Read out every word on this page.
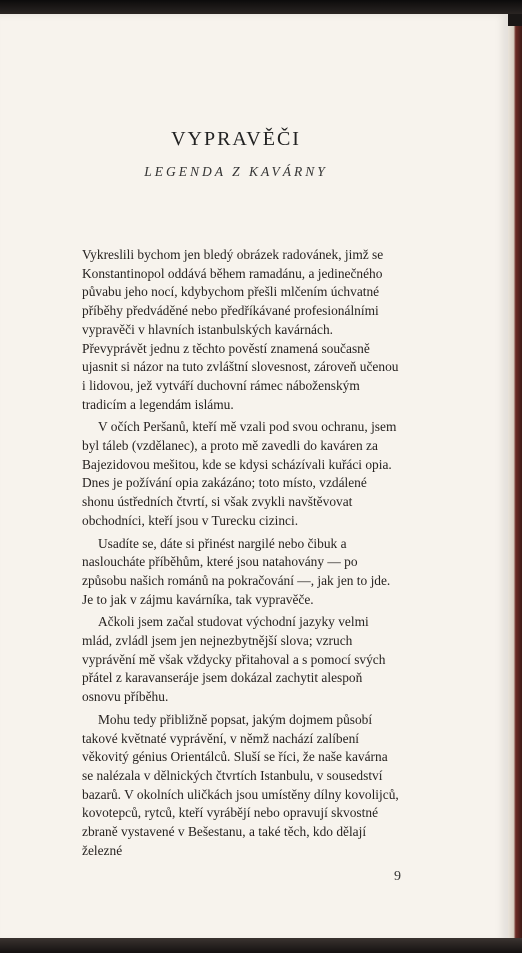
VYPRAVĚČI
LEGENDA Z KAVÁRNY

Vykreslili bychom jen bledý obrázek radovánek, jimž se Konstantinopol oddává během ramadánu, a jedinečného půvabu jeho nocí, kdybychom přešli mlčením úchvatné příběhy předváděné nebo předříkávané profesionálními vypravěči v hlavních istanbulských kavárnách. Převyprávět jednu z těchto pověstí znamená současně ujasnit si názor na tuto zvláštní slovesnost, zároveň učenou i lidovou, jež vytváří duchovní rámec náboženským tradicím a legendám islámu.

V očích Peršanů, kteří mě vzali pod svou ochranu, jsem byl táleb (vzdělanec), a proto mě zavedli do kaváren za Bajezidovou mešitou, kde se kdysi scházívali kuřáci opia. Dnes je požívání opia zakázáno; toto místo, vzdálené shonu ústředních čtvrtí, si však zvykli navštěvovat obchodníci, kteří jsou v Turecku cizinci.

Usadíte se, dáte si přinést nargilé nebo čibuk a nasloucháte příběhům, které jsou natahovány — po způsobu našich románů na pokračování —, jak jen to jde. Je to jak v zájmu kavárníka, tak vypravěče.

Ačkoli jsem začal studovat východní jazyky velmi mlád, zvládl jsem jen nejnezbytnější slova; vzruch vyprávění mě však vždycky přitahoval a s pomocí svých přátel z karavanseráje jsem dokázal zachytit alespoň osnovu příběhu.

Mohu tedy přibližně popsat, jakým dojmem působí takové květnaté vyprávění, v němž nachází zalíbení věkovitý génius Orientálců. Sluší se říci, že naše kavárna se nalézala v dělnických čtvrtích Istanbulu, v sousedství bazarů. V okolních uličkách jsou umístěny dílny kovolijců, kovotepců, rytců, kteří vyrábějí nebo opravují skvostné zbraně vystavené v Bešestanu, a také těch, kdo dělají železné

9
